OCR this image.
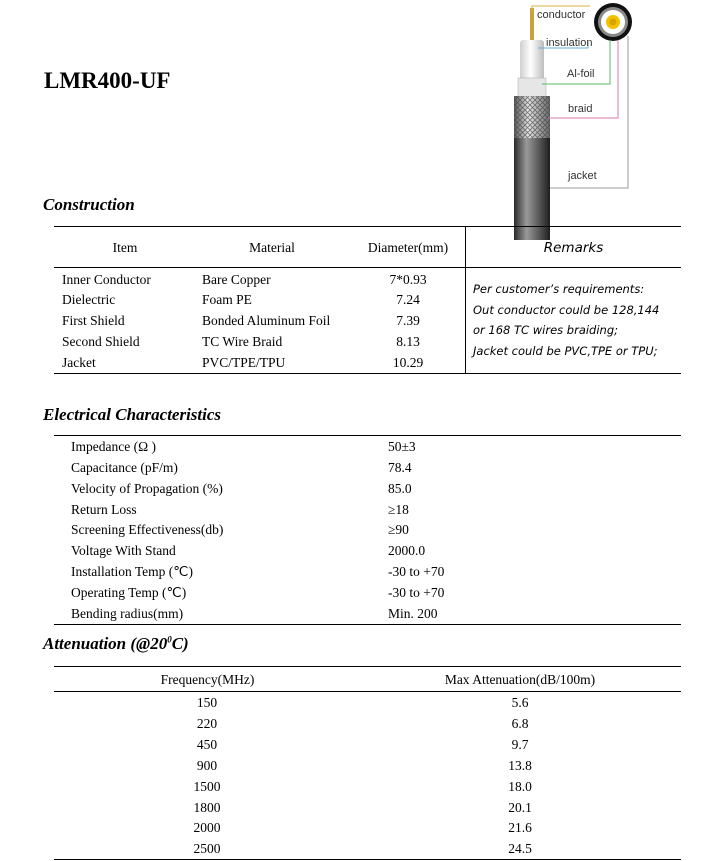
LMR400-UF
conductor
insulation
Al-foil
braid
jacket
Construction
Item	Material	Diameter(mm)	Remarks
Inner Conductor	Bare Copper	7*0.93
Dielectric	Foam PE	7.24
First Shield	Bonded Aluminum Foil	7.39
Second Shield	TC Wire Braid	8.13
Jacket	PVC/TPE/TPU	10.29
Per customer’s requirements:
Out conductor could be 128,144
or 168 TC wires braiding;
Jacket could be PVC,TPE or TPU;
Electrical Characteristics
Impedance (Ω )	50±3
Capacitance (pF/m)	78.4
Velocity of Propagation (%)	85.0
Return Loss	≥18
Screening Effectiveness(db)	≥90
Voltage With Stand	2000.0
Installation Temp (℃)	-30 to +70
Operating Temp (℃)	-30 to +70
Bending radius(mm)	Min. 200
Attenuation $(@20^0C)$
Frequency(MHz)	Max Attenuation(dB/100m)
150	5.6
220	6.8
450	9.7
900	13.8
1500	18.0
1800	20.1
2000	21.6
2500	24.5
